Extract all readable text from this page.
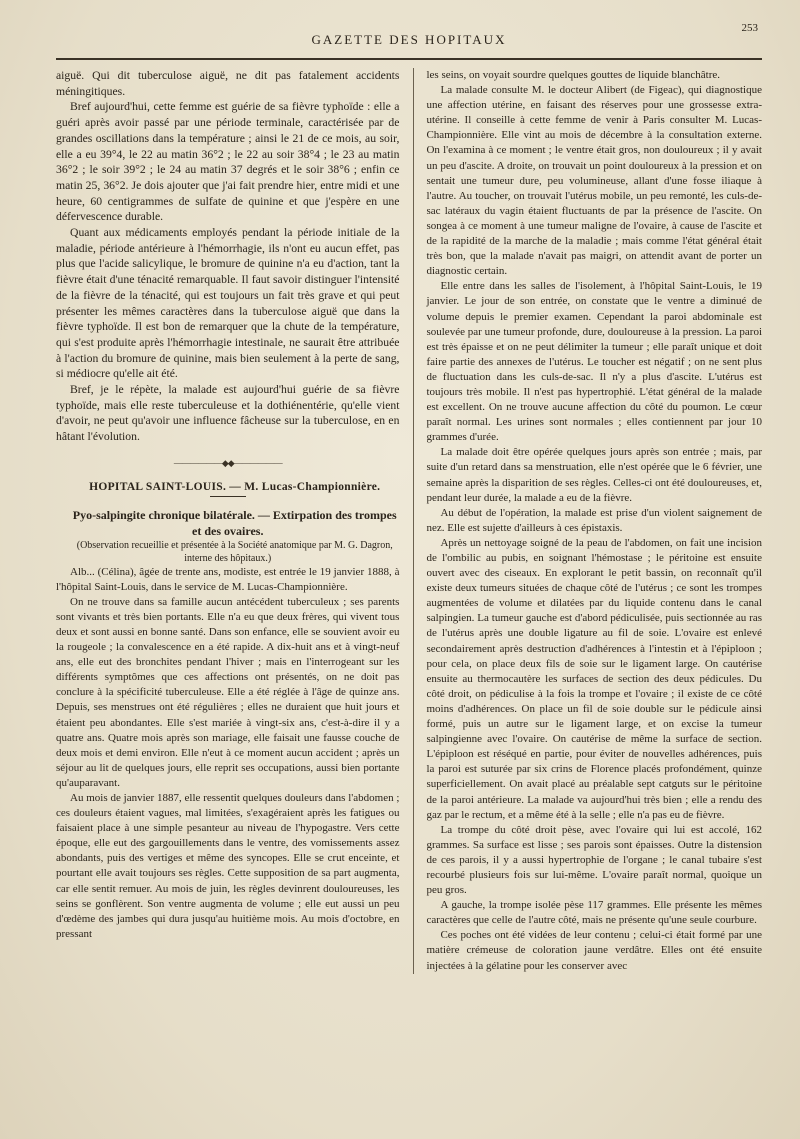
GAZETTE DES HOPITAUX
253

aiguë. Qui dit tuberculose aiguë, ne dit pas fatalement accidents méningitiques.

Bref aujourd'hui, cette femme est guérie de sa fièvre typhoïde : elle a guéri après avoir passé par une période terminale, caractérisée par de grandes oscillations dans la température ; ainsi le 21 de ce mois, au soir, elle a eu 39°4, le 22 au matin 36°2 ; le 22 au soir 38°4 ; le 23 au matin 36°2 ; le soir 39°2 ; le 24 au matin 37 degrés et le soir 38°6 ; enfin ce matin 25, 36°2. Je dois ajouter que j'ai fait prendre hier, entre midi et une heure, 60 centigrammes de sulfate de quinine et que j'espère en une défervescence durable.

Quant aux médicaments employés pendant la période initiale de la maladie, période antérieure à l'hémorrhagie, ils n'ont eu aucun effet, pas plus que l'acide salicylique, le bromure de quinine n'a eu d'action, tant la fièvre était d'une ténacité remarquable. Il faut savoir distinguer l'intensité de la fièvre de la ténacité, qui est toujours un fait très grave et qui peut présenter les mêmes caractères dans la tuberculose aiguë que dans la fièvre typhoïde. Il est bon de remarquer que la chute de la température, qui s'est produite après l'hémorrhagie intestinale, ne saurait être attribuée à l'action du bromure de quinine, mais bien seulement à la perte de sang, si médiocre qu'elle ait été.

Bref, je le répète, la malade est aujourd'hui guérie de sa fièvre typhoïde, mais elle reste tuberculeuse et la dothiénentérie, qu'elle vient d'avoir, ne peut qu'avoir une influence fâcheuse sur la tuberculose, en en hâtant l'évolution.

——————◆◆——————

HOPITAL SAINT-LOUIS. — M. Lucas-Championnière.

Pyo-salpingite chronique bilatérale. — Extirpation des trompes et des ovaires.

(Observation recueillie et présentée à la Société anatomique par M. G. Dagron, interne des hôpitaux.)

Alb... (Célina), âgée de trente ans, modiste, est entrée le 19 janvier 1888, à l'hôpital Saint-Louis, dans le service de M. Lucas-Championnière.

On ne trouve dans sa famille aucun antécédent tuberculeux ; ses parents sont vivants et très bien portants. Elle n'a eu que deux frères, qui vivent tous deux et sont aussi en bonne santé. Dans son enfance, elle se souvient avoir eu la rougeole ; la convalescence en a été rapide. A dix-huit ans et à vingt-neuf ans, elle eut des bronchites pendant l'hiver ; mais en l'interrogeant sur les différents symptômes que ces affections ont présentés, on ne doit pas conclure à la spécificité tuberculeuse. Elle a été réglée à l'âge de quinze ans. Depuis, ses menstrues ont été régulières ; elles ne duraient que huit jours et étaient peu abondantes. Elle s'est mariée à vingt-six ans, c'est-à-dire il y a quatre ans. Quatre mois après son mariage, elle faisait une fausse couche de deux mois et demi environ. Elle n'eut à ce moment aucun accident ; après un séjour au lit de quelques jours, elle reprit ses occupations, aussi bien portante qu'auparavant.

Au mois de janvier 1887, elle ressentit quelques douleurs dans l'abdomen ; ces douleurs étaient vagues, mal limitées, s'exagéraient après les fatigues ou faisaient place à une simple pesanteur au niveau de l'hypogastre. Vers cette époque, elle eut des gargouillements dans le ventre, des vomissements assez abondants, puis des vertiges et même des syncopes. Elle se crut enceinte, et pourtant elle avait toujours ses règles. Cette supposition de sa part augmenta, car elle sentit remuer. Au mois de juin, les règles devinrent douloureuses, les seins se gonflèrent. Son ventre augmenta de volume ; elle eut aussi un peu d'œdème des jambes qui dura jusqu'au huitième mois. Au mois d'octobre, en pressant

les seins, on voyait sourdre quelques gouttes de liquide blanchâtre.

La malade consulte M. le docteur Alibert (de Figeac), qui diagnostique une affection utérine, en faisant des réserves pour une grossesse extra-utérine. Il conseille à cette femme de venir à Paris consulter M. Lucas-Championnière. Elle vint au mois de décembre à la consultation externe. On l'examina à ce moment ; le ventre était gros, non douloureux ; il y avait un peu d'ascite. A droite, on trouvait un point douloureux à la pression et on sentait une tumeur dure, peu volumineuse, allant d'une fosse iliaque à l'autre. Au toucher, on trouvait l'utérus mobile, un peu remonté, les culs-de-sac latéraux du vagin étaient fluctuants de par la présence de l'ascite. On songea à ce moment à une tumeur maligne de l'ovaire, à cause de l'ascite et de la rapidité de la marche de la maladie ; mais comme l'état général était très bon, que la malade n'avait pas maigri, on attendit avant de porter un diagnostic certain.

Elle entre dans les salles de l'isolement, à l'hôpital Saint-Louis, le 19 janvier. Le jour de son entrée, on constate que le ventre a diminué de volume depuis le premier examen. Cependant la paroi abdominale est soulevée par une tumeur profonde, dure, douloureuse à la pression. La paroi est très épaisse et on ne peut délimiter la tumeur ; elle paraît unique et doit faire partie des annexes de l'utérus. Le toucher est négatif ; on ne sent plus de fluctuation dans les culs-de-sac. Il n'y a plus d'ascite. L'utérus est toujours très mobile. Il n'est pas hypertrophié. L'état général de la malade est excellent. On ne trouve aucune affection du côté du poumon. Le cœur paraît normal. Les urines sont normales ; elles contiennent par jour 10 grammes d'urée.

La malade doit être opérée quelques jours après son entrée ; mais, par suite d'un retard dans sa menstruation, elle n'est opérée que le 6 février, une semaine après la disparition de ses règles. Celles-ci ont été douloureuses, et, pendant leur durée, la malade a eu de la fièvre.

Au début de l'opération, la malade est prise d'un violent saignement de nez. Elle est sujette d'ailleurs à ces épistaxis.

Après un nettoyage soigné de la peau de l'abdomen, on fait une incision de l'ombilic au pubis, en soignant l'hémostase ; le péritoine est ensuite ouvert avec des ciseaux. En explorant le petit bassin, on reconnaît qu'il existe deux tumeurs situées de chaque côté de l'utérus ; ce sont les trompes augmentées de volume et dilatées par du liquide contenu dans le canal salpingien. La tumeur gauche est d'abord pédiculisée, puis sectionnée au ras de l'utérus après une double ligature au fil de soie. L'ovaire est enlevé secondairement après destruction d'adhérences à l'intestin et à l'épiploon ; pour cela, on place deux fils de soie sur le ligament large. On cautérise ensuite au thermocautère les surfaces de section des deux pédicules. Du côté droit, on pédiculise à la fois la trompe et l'ovaire ; il existe de ce côté moins d'adhérences. On place un fil de soie double sur le pédicule ainsi formé, puis un autre sur le ligament large, et on excise la tumeur salpingienne avec l'ovaire. On cautérise de même la surface de section. L'épiploon est réséqué en partie, pour éviter de nouvelles adhérences, puis la paroi est suturée par six crins de Florence placés profondément, quinze superficiellement. On avait placé au préalable sept catguts sur le péritoine de la paroi antérieure. La malade va aujourd'hui très bien ; elle a rendu des gaz par le rectum, et a même été à la selle ; elle n'a pas eu de fièvre.

La trompe du côté droit pèse, avec l'ovaire qui lui est accolé, 162 grammes. Sa surface est lisse ; ses parois sont épaisses. Outre la distension de ces parois, il y a aussi hypertrophie de l'organe ; le canal tubaire s'est recourbé plusieurs fois sur lui-même. L'ovaire paraît normal, quoique un peu gros.

A gauche, la trompe isolée pèse 117 grammes. Elle présente les mêmes caractères que celle de l'autre côté, mais ne présente qu'une seule courbure.

Ces poches ont été vidées de leur contenu ; celui-ci était formé par une matière crémeuse de coloration jaune verdâtre. Elles ont été ensuite injectées à la gélatine pour les conserver avec
